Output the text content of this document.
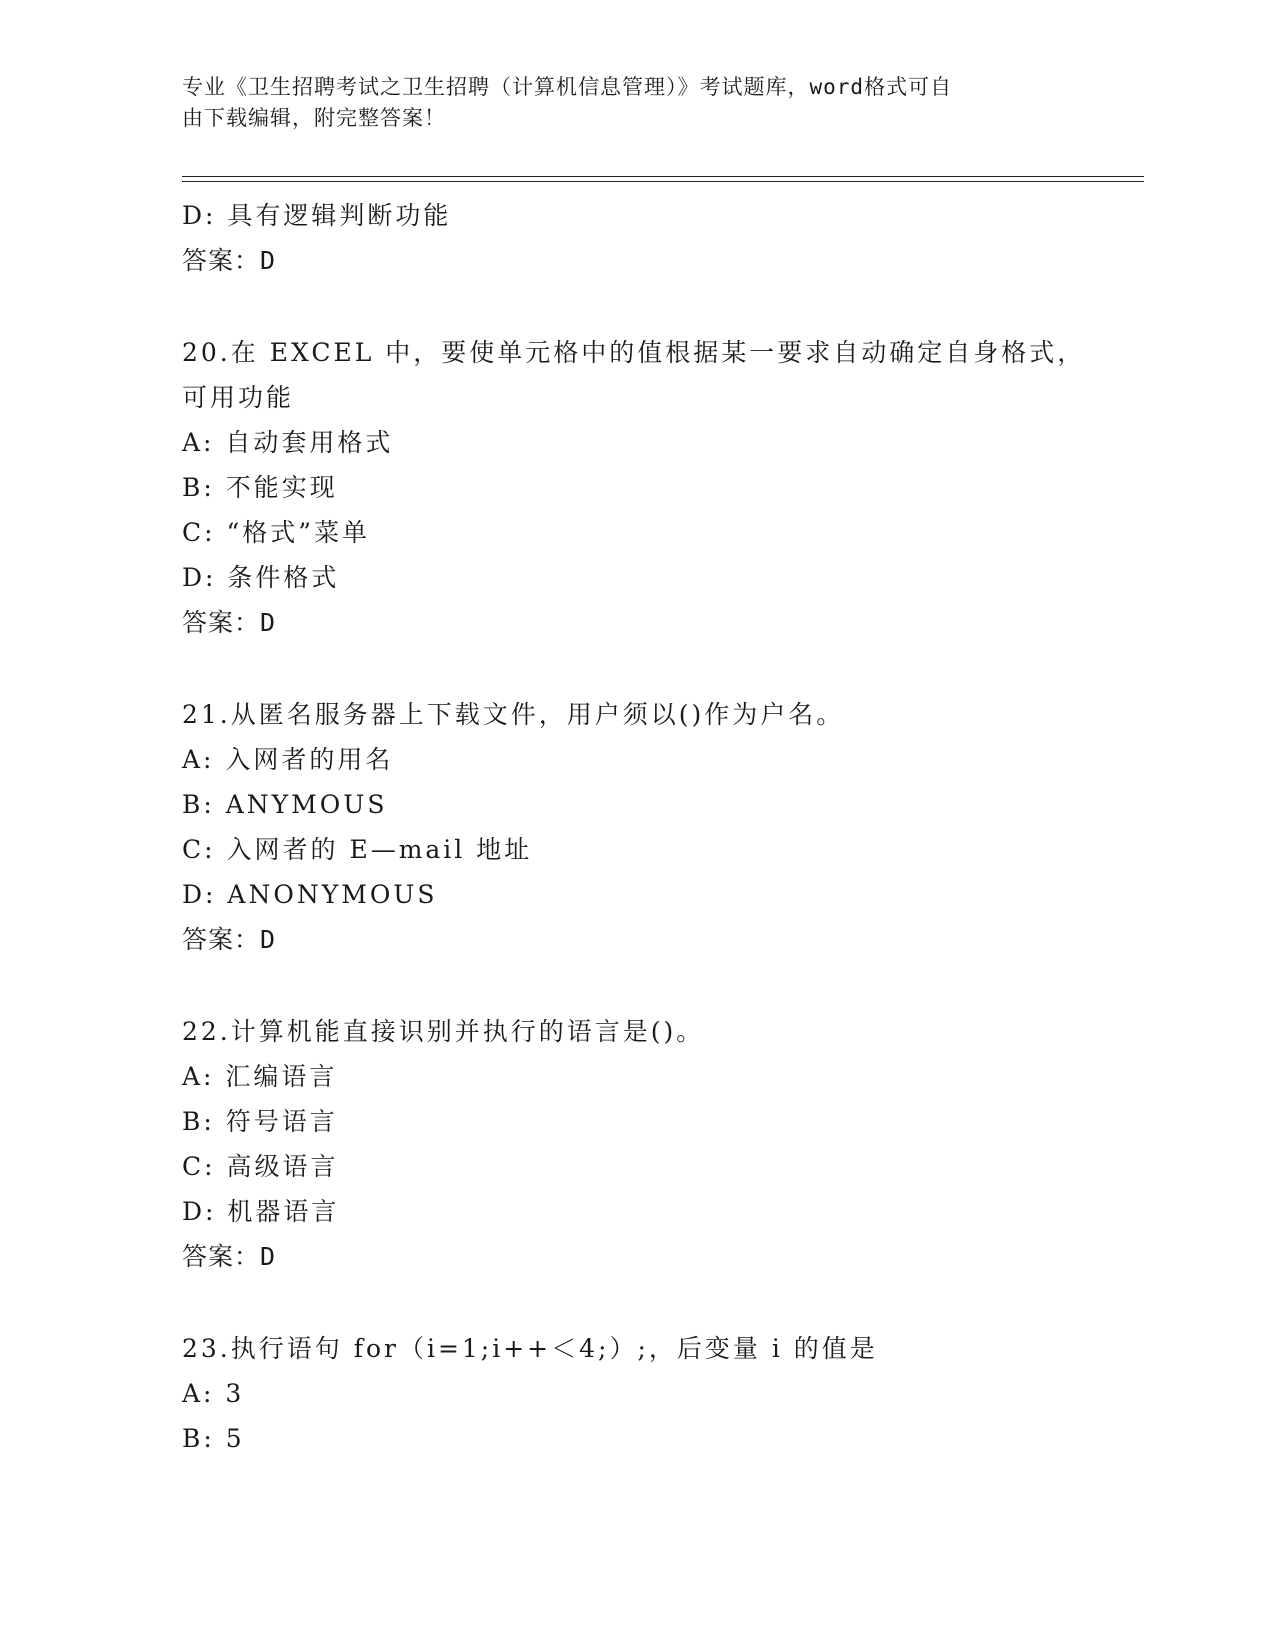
专业《卫生招聘考试之卫生招聘（计算机信息管理）》考试题库，word格式可自
由下载编辑，附完整答案！
D: 具有逻辑判断功能
答案：D
20.在 EXCEL 中，要使单元格中的值根据某一要求自动确定自身格式，
可用功能
A: 自动套用格式
B: 不能实现
C: “格式”菜单
D: 条件格式
答案：D
21.从匿名服务器上下载文件，用户须以()作为户名。
A: 入网者的用名
B: ANYMOUS
C: 入网者的 E—mail 地址
D: ANONYMOUS
答案：D
22.计算机能直接识别并执行的语言是()。
A: 汇编语言
B: 符号语言
C: 高级语言
D: 机器语言
答案：D
23.执行语句 for（i=1;i++＜4;）;，后变量 i 的值是
A: 3
B: 5
